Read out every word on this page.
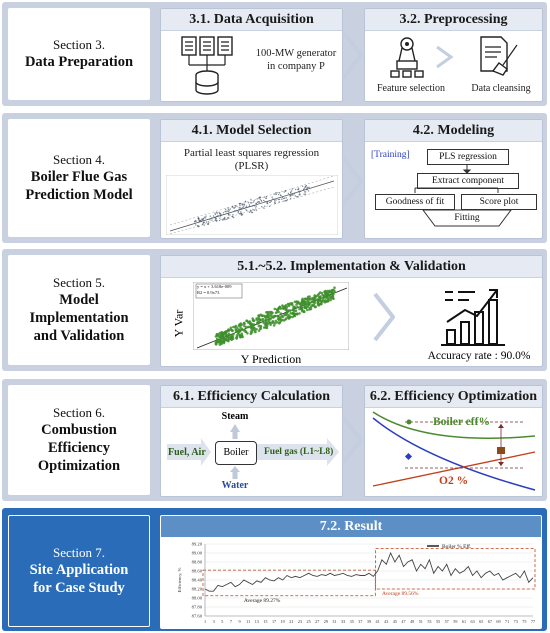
Section 3.
Data Preparation
3.1. Data Acquisition
100-MW generator in company P
3.2. Preprocessing
Feature selection	Data cleansing
Section 4.
Boiler Flue Gas
Prediction Model
4.1. Model Selection
Partial least squares regression
(PLSR)
4.2. Modeling
[Training]	PLS regression
Extract component
Goodness of fit	Score plot
Fitting
Section 5.
Model
Implementation
and Validation
5.1.~5.2. Implementation & Validation
Y Var
y = x + 3.618e-009
R2 = 0.9x73
Y Prediction	Accuracy rate : 90.0%
Section 6.
Combustion
Efficiency
Optimization
6.1. Efficiency Calculation
Steam
Boiler
Fuel, Air	Fuel gas (L1~L8)
Water
6.2. Efficiency Optimization
Boiler eff%
O2 %
Section 7.
Site Application
for Case Study
7.2. Result
89.20
89.00
88.80
88.60
88.40
88.20
88.00
87.80
87.60
1 3 5 7 9 11 13 15 17 19 21 23 25 27 29 31 33 35 37 39 41 43 45 47 49 51 53 55 57 59 61 63 65 67 69 71 73 75 77
Efficiency, %
Boiler % Eff.
Average 89.27%
Average 89.56%
